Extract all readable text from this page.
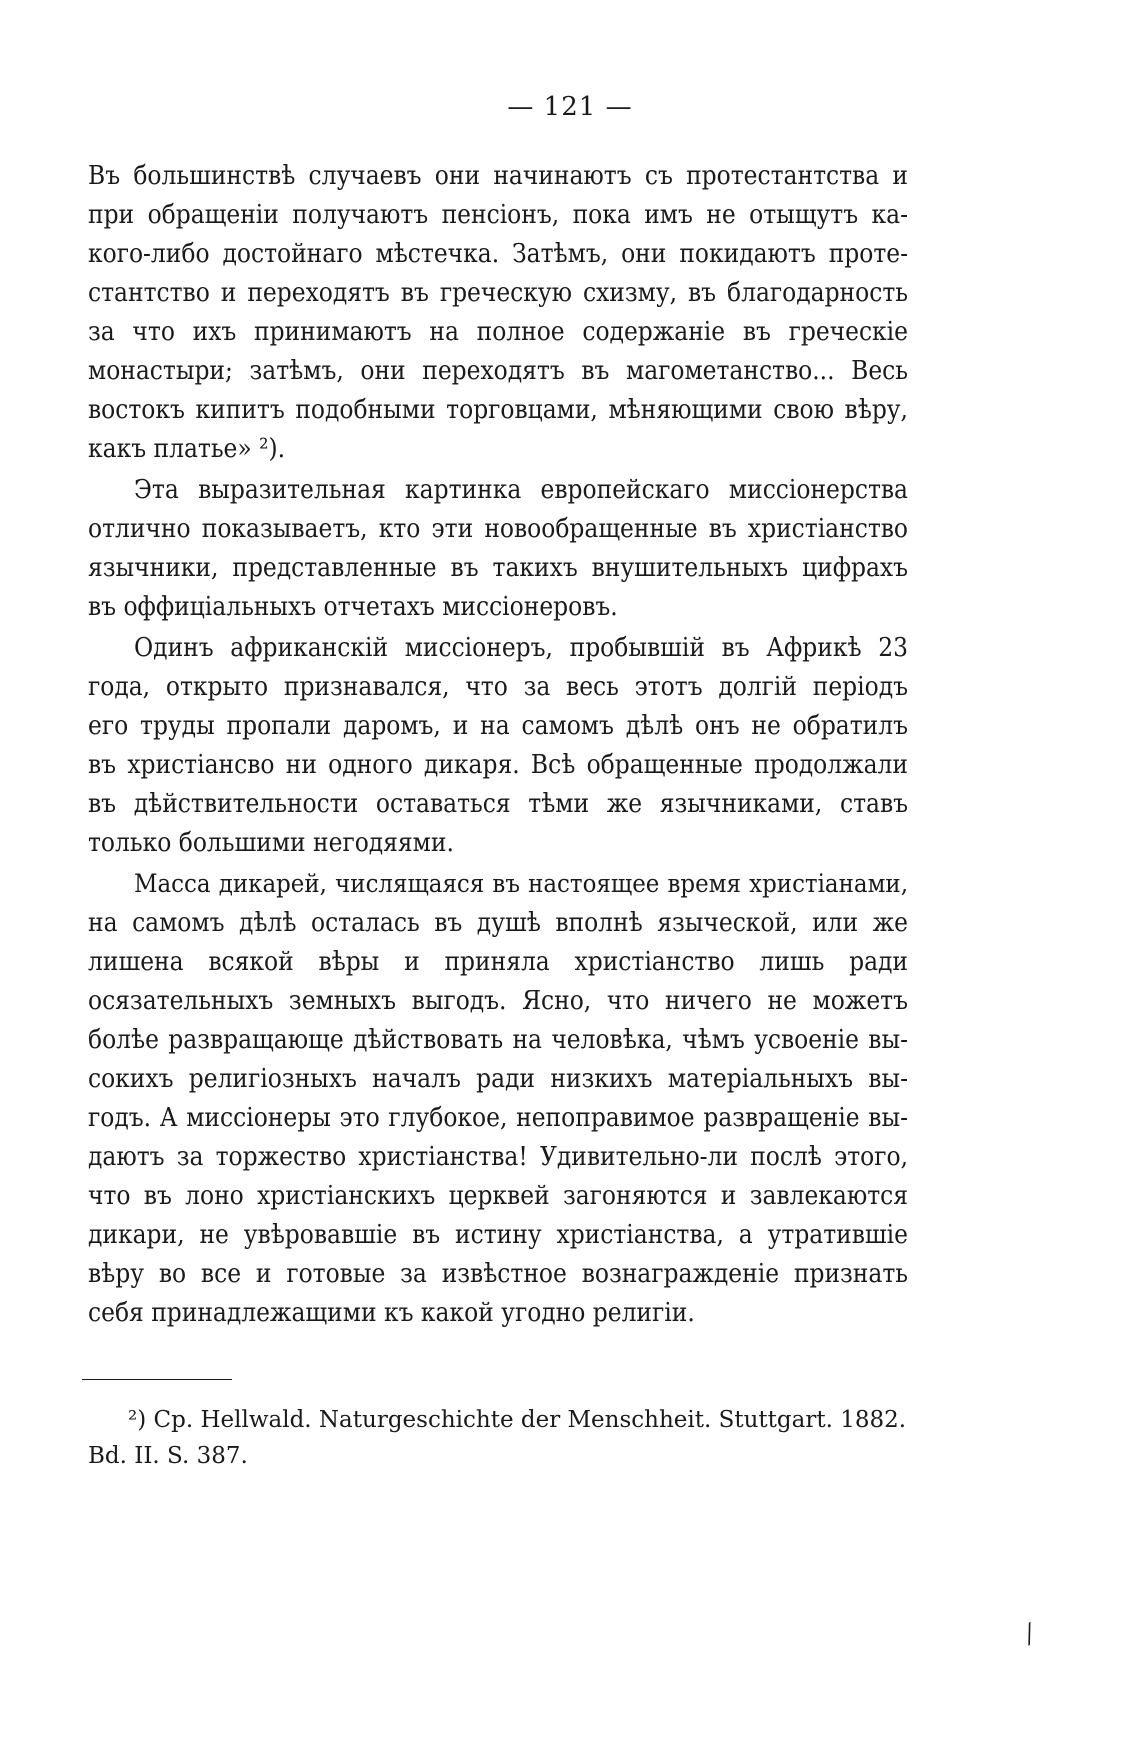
— 121 —
Въ большинствѣ случаевъ они начинаютъ съ протестантства и
при обращеніи получаютъ пенсіонъ, пока имъ не отыщутъ ка-
кого-либо достойнаго мѣстечка. Затѣмъ, они покидаютъ проте-
стантство и переходятъ въ греческую схизму, въ благодарность
за что ихъ принимаютъ на полное содержаніе въ греческіе
монастыри; затѣмъ, они переходятъ въ магометанство... Весь
востокъ кипитъ подобными торговцами, мѣняющими свою вѣру,
какъ платье» ²).
Эта выразительная картинка европейскаго миссіонерства
отлично показываетъ, кто эти новообращенные въ христіанство
язычники, представленные въ такихъ внушительныхъ цифрахъ
въ оффиціальныхъ отчетахъ миссіонеровъ.
Одинъ африканскій миссіонеръ, пробывшій въ Африкѣ 23
года, открыто признавался, что за весь этотъ долгій періодъ
его труды пропали даромъ, и на самомъ дѣлѣ онъ не обратилъ
въ христіансво ни одного дикаря. Всѣ обращенные продолжали
въ дѣйствительности оставаться тѣми же язычниками, ставъ
только большими негодяями.
Масса дикарей, числящаяся въ настоящее время христіанами,
на самомъ дѣлѣ осталась въ душѣ вполнѣ языческой, или же
лишена всякой вѣры и приняла христіанство лишь ради
осязательныхъ земныхъ выгодъ. Ясно, что ничего не можетъ
болѣе развращающе дѣйствовать на человѣка, чѣмъ усвоеніе вы-
сокихъ религіозныхъ началъ ради низкихъ матеріальныхъ вы-
годъ. А миссіонеры это глубокое, непоправимое развращеніе вы-
даютъ за торжество христіанства! Удивительно-ли послѣ этого,
что въ лоно христіанскихъ церквей загоняются и завлекаются
дикари, не увѣровавшіе въ истину христіанства, а утратившіе
вѣру во все и готовые за извѣстное вознагражденіе признать
себя принадлежащими къ какой угодно религіи.
²) Cp. Hellwald. Naturgeschichte der Menschheit. Stuttgart. 1882.
Bd. II. S. 387.
⁄
